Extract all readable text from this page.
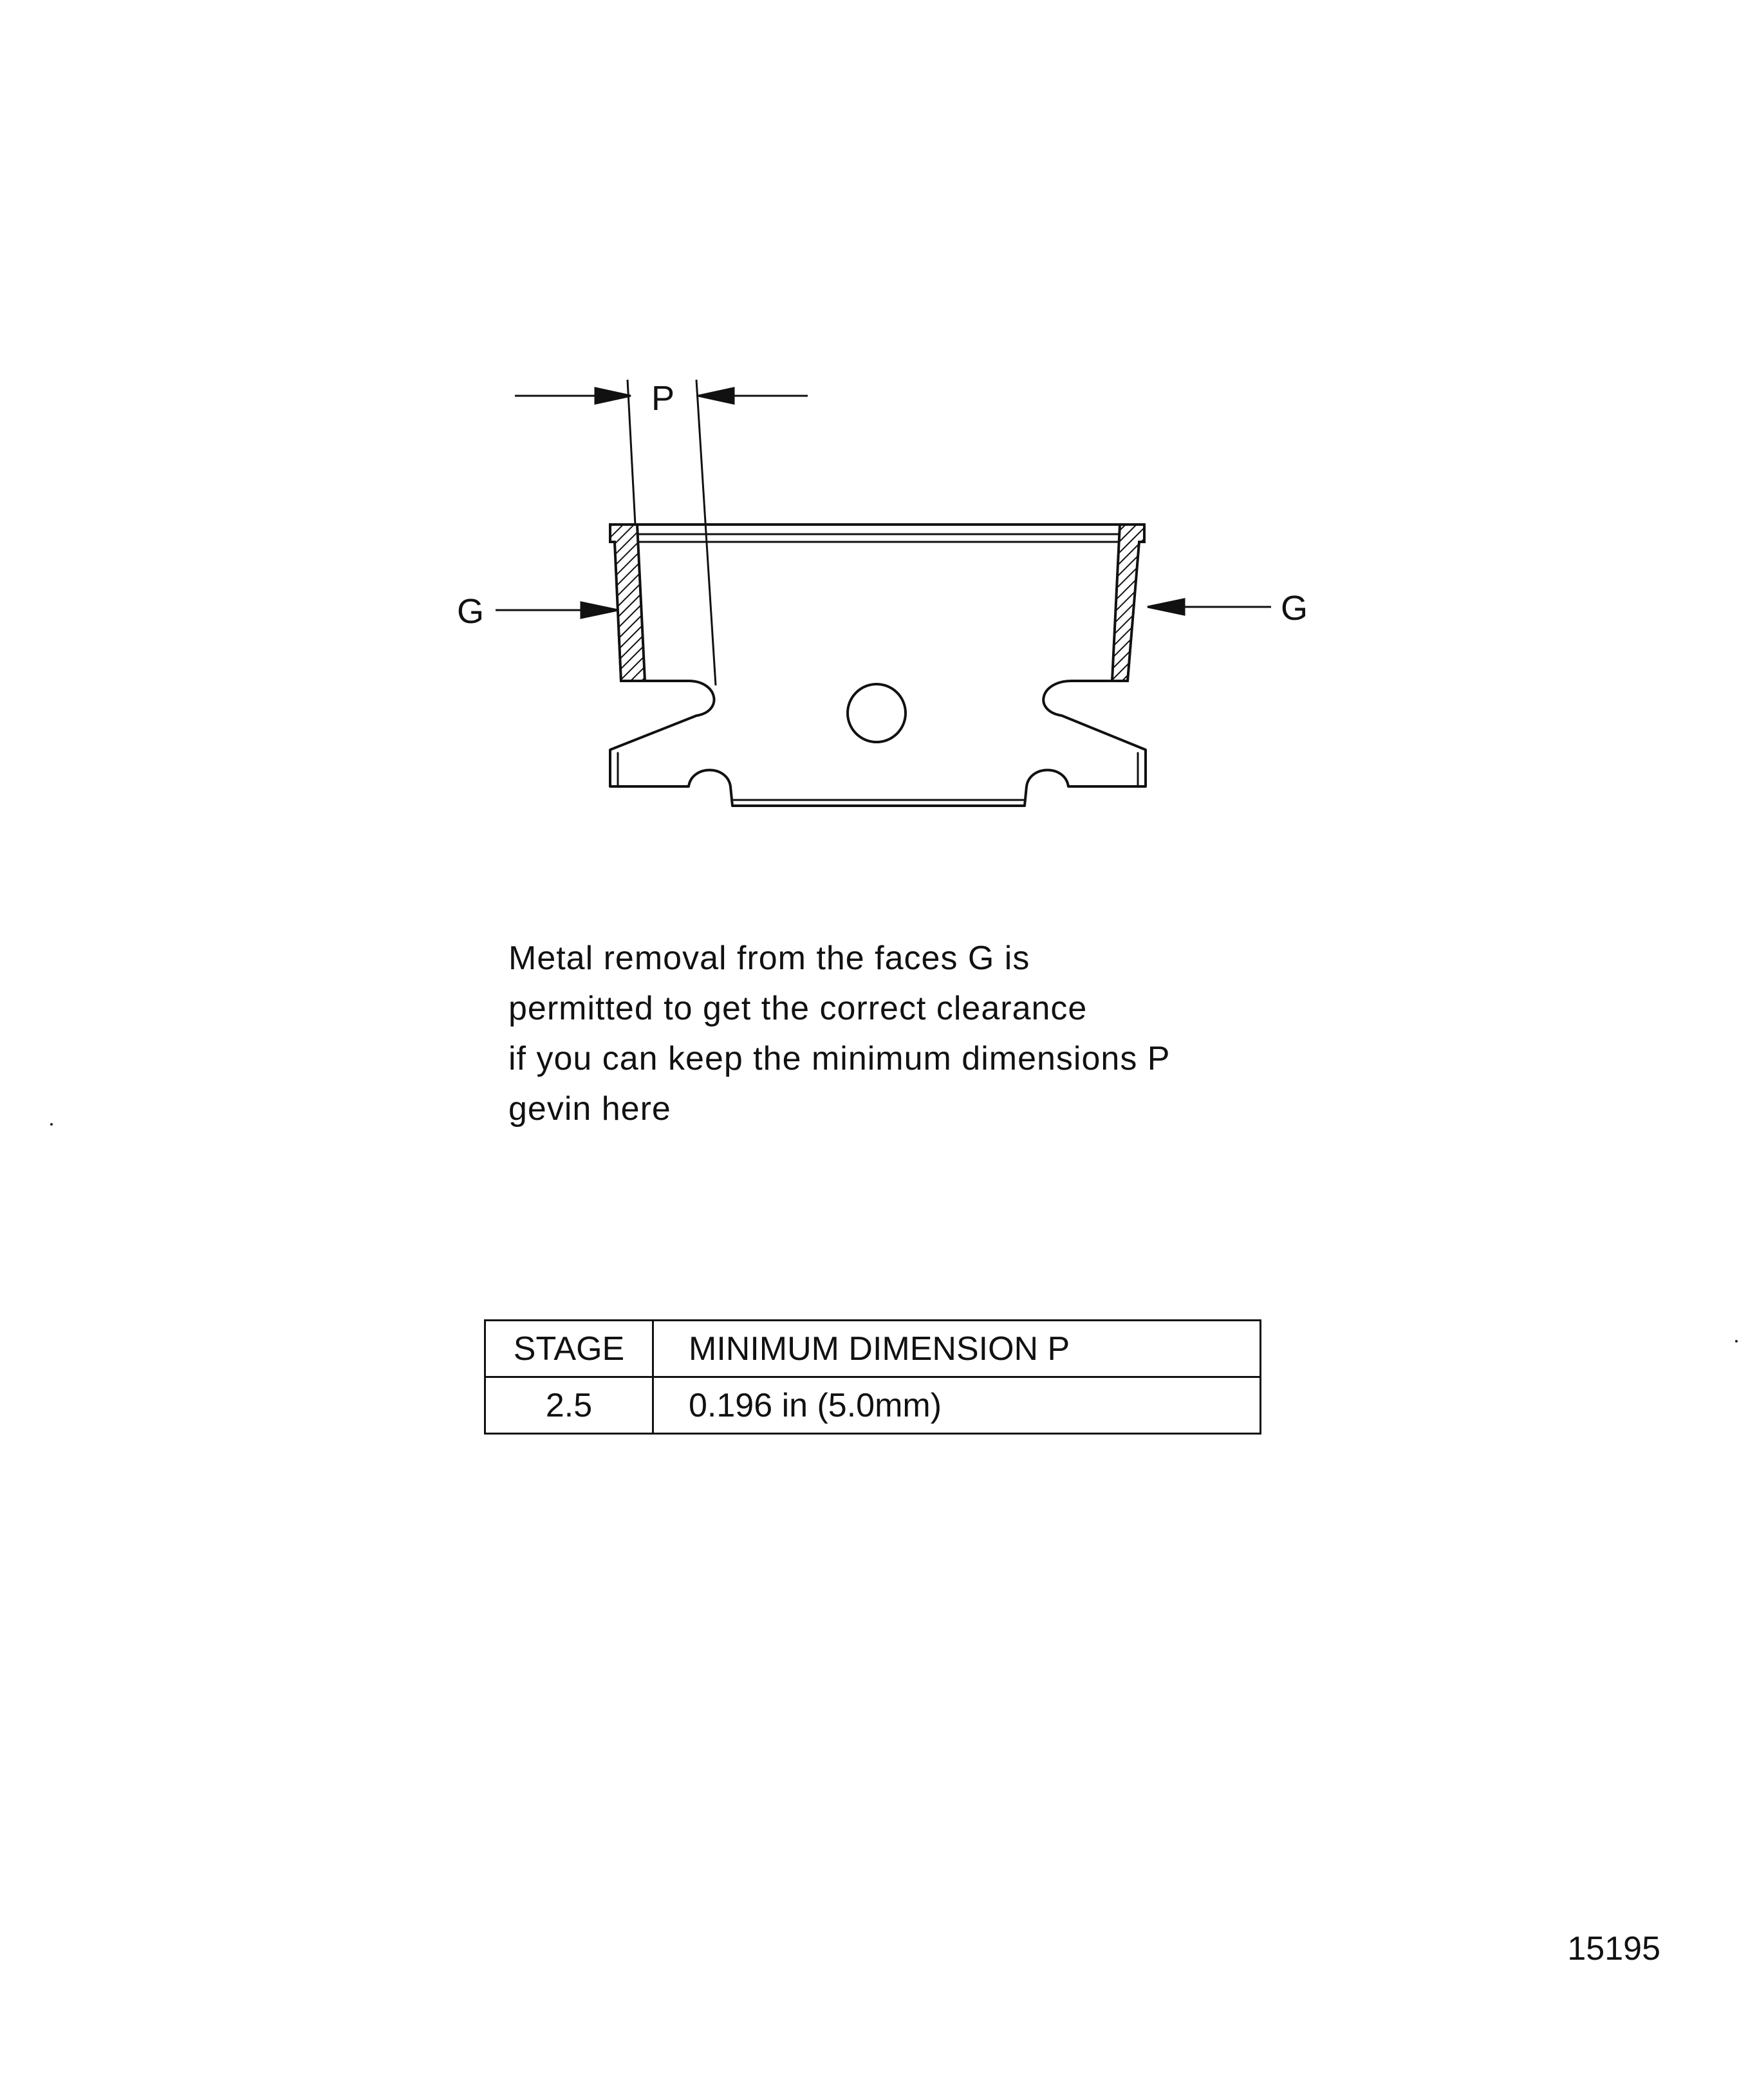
P
G	G
Metal removal from the faces G is
permitted to get the correct clearance
if you can keep the minimum dimensions P
gevin here
STAGE	MINIMUM DIMENSION P
2.5	0.196 in (5.0mm)
15195
